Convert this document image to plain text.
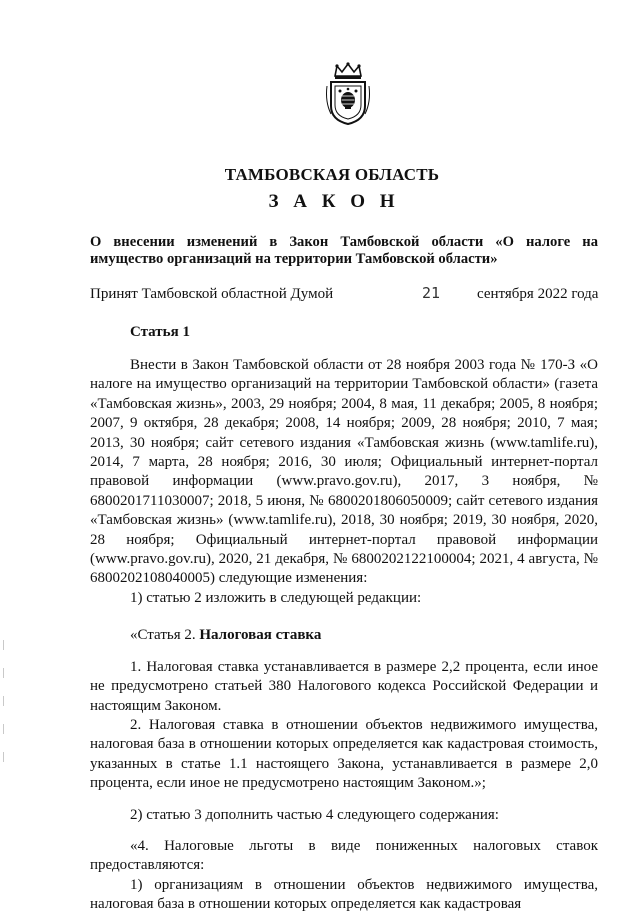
ТАМБОВСКАЯ ОБЛАСТЬ
З А К О Н
О внесении изменений в Закон Тамбовской области «О налоге на имущество организаций на территории Тамбовской области»
Принят Тамбовской областной Думой	21 сентября 2022 года
Статья 1

Внести в Закон Тамбовской области от 28 ноября 2003 года № 170-З «О налоге на имущество организаций на территории Тамбовской области» (газета «Тамбовская жизнь», 2003, 29 ноября; 2004, 8 мая, 11 декабря; 2005, 8 ноября; 2007, 9 октября, 28 декабря; 2008, 14 ноября; 2009, 28 ноября; 2010, 7 мая; 2013, 30 ноября; сайт сетевого издания «Тамбовская жизнь (www.tamlife.ru), 2014, 7 марта, 28 ноября; 2016, 30 июля; Официальный интернет-портал правовой информации (www.pravo.gov.ru), 2017, 3 ноября, № 6800201711030007; 2018, 5 июня, № 6800201806050009; сайт сетевого издания «Тамбовская жизнь» (www.tamlife.ru), 2018, 30 ноября; 2019, 30 ноября, 2020, 28 ноября; Официальный интернет-портал правовой информации (www.pravo.gov.ru), 2020, 21 декабря, № 6800202122100004; 2021, 4 августа, № 6800202108040005) следующие изменения:

1) статью 2 изложить в следующей редакции:

«Статья 2. Налоговая ставка

1. Налоговая ставка устанавливается в размере 2,2 процента, если иное не предусмотрено статьей 380 Налогового кодекса Российской Федерации и настоящим Законом.

2. Налоговая ставка в отношении объектов недвижимого имущества, налоговая база в отношении которых определяется как кадастровая стоимость, указанных в статье 1.1 настоящего Закона, устанавливается в размере 2,0 процента, если иное не предусмотрено настоящим Законом.»;

2) статью 3 дополнить частью 4 следующего содержания:

«4. Налоговые льготы в виде пониженных налоговых ставок предоставляются:

1) организациям в отношении объектов недвижимого имущества, налоговая база в отношении которых определяется как кадастровая
